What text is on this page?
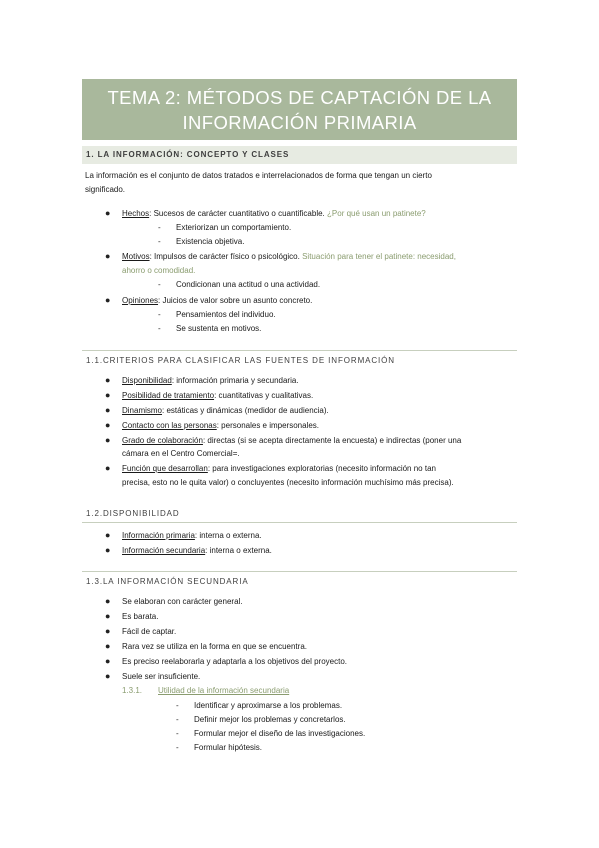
TEMA 2: MÉTODOS DE CAPTACIÓN DE LA
INFORMACIÓN PRIMARIA
1. LA INFORMACIÓN: CONCEPTO Y CLASES
La información es el conjunto de datos tratados e interrelacionados de forma que tengan un cierto
significado.
● Hechos: Sucesos de carácter cuantitativo o cuantificable. ¿Por qué usan un patinete?
- Exteriorizan un comportamiento.
- Existencia objetiva.
● Motivos: Impulsos de carácter físico o psicológico. Situación para tener el patinete: necesidad,
ahorro o comodidad.
- Condicionan una actitud o una actividad.
● Opiniones: Juicios de valor sobre un asunto concreto.
- Pensamientos del individuo.
- Se sustenta en motivos.
1.1.CRITERIOS PARA CLASIFICAR LAS FUENTES DE INFORMACIÓN
● Disponibilidad: información primaria y secundaria.
● Posibilidad de tratamiento: cuantitativas y cualitativas.
● Dinamismo: estáticas y dinámicas (medidor de audiencia).
● Contacto con las personas: personales e impersonales.
● Grado de colaboración: directas (si se acepta directamente la encuesta) e indirectas (poner una
cámara en el Centro Comercial=.
● Función que desarrollan: para investigaciones exploratorias (necesito información no tan
precisa, esto no le quita valor) o concluyentes (necesito información muchísimo más precisa).
1.2.DISPONIBILIDAD
● Información primaria: interna o externa.
● Información secundaria: interna o externa.
1.3.LA INFORMACIÓN SECUNDARIA
● Se elaboran con carácter general.
● Es barata.
● Fácil de captar.
● Rara vez se utiliza en la forma en que se encuentra.
● Es preciso reelaborarla y adaptarla a los objetivos del proyecto.
● Suele ser insuficiente.
1.3.1. Utilidad de la información secundaria
- Identificar y aproximarse a los problemas.
- Definir mejor los problemas y concretarlos.
- Formular mejor el diseño de las investigaciones.
- Formular hipótesis.
